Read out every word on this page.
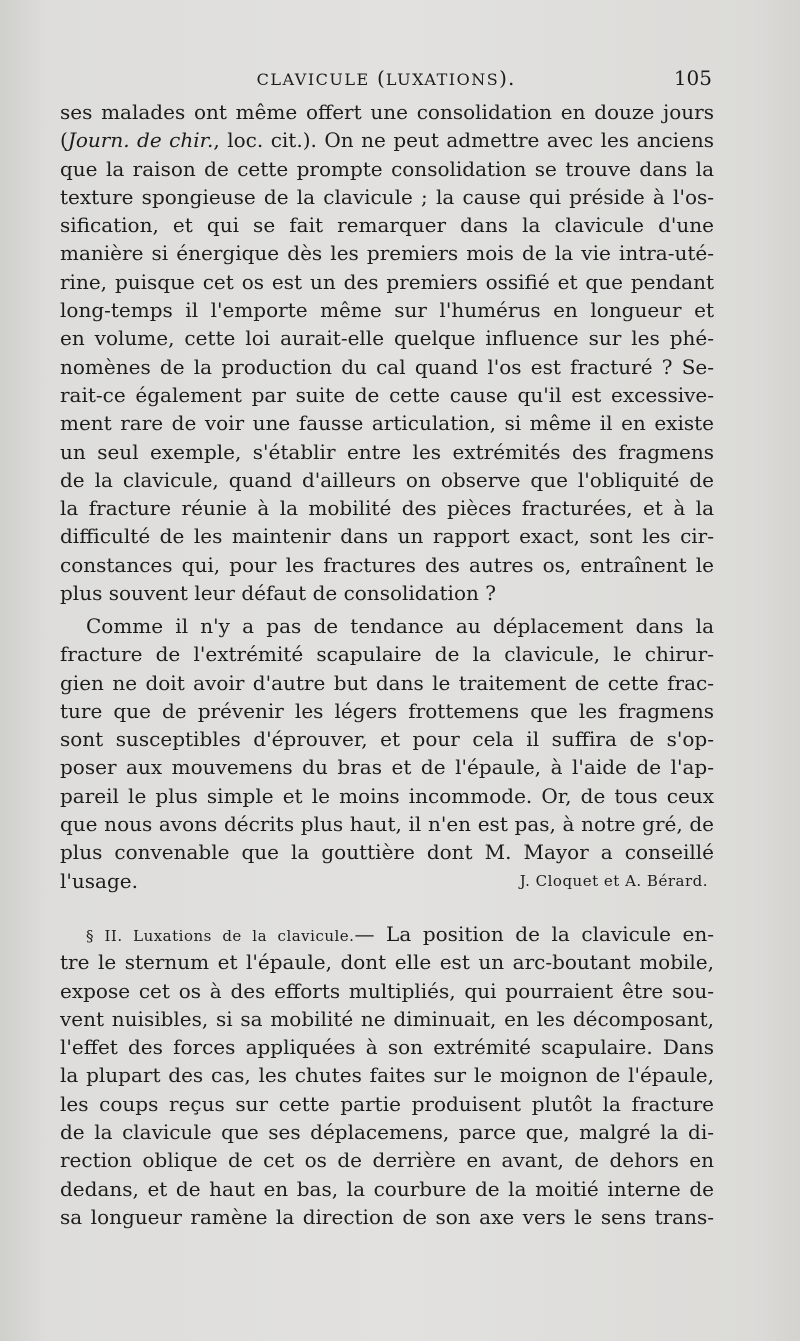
CLAVICULE (LUXATIONS).	105
ses malades ont même offert une consolidation en douze jours
(Journ. de chir., loc. cit.). On ne peut admettre avec les anciens
que la raison de cette prompte consolidation se trouve dans la
texture spongieuse de la clavicule ; la cause qui préside à l'os-
sification, et qui se fait remarquer dans la clavicule d'une
manière si énergique dès les premiers mois de la vie intra-uté-
rine, puisque cet os est un des premiers ossifié et que pendant
long-temps il l'emporte même sur l'humérus en longueur et
en volume, cette loi aurait-elle quelque influence sur les phé-
nomènes de la production du cal quand l'os est fracturé ? Se-
rait-ce également par suite de cette cause qu'il est excessive-
ment rare de voir une fausse articulation, si même il en existe
un seul exemple, s'établir entre les extrémités des fragmens
de la clavicule, quand d'ailleurs on observe que l'obliquité de
la fracture réunie à la mobilité des pièces fracturées, et à la
difficulté de les maintenir dans un rapport exact, sont les cir-
constances qui, pour les fractures des autres os, entraînent le
plus souvent leur défaut de consolidation ?
Comme il n'y a pas de tendance au déplacement dans la
fracture de l'extrémité scapulaire de la clavicule, le chirur-
gien ne doit avoir d'autre but dans le traitement de cette frac-
ture que de prévenir les légers frottemens que les fragmens
sont susceptibles d'éprouver, et pour cela il suffira de s'op-
poser aux mouvemens du bras et de l'épaule, à l'aide de l'ap-
pareil le plus simple et le moins incommode. Or, de tous ceux
que nous avons décrits plus haut, il n'en est pas, à notre gré, de
plus convenable que la gouttière dont M. Mayor a conseillé
l'usage.	J. Cloquet et A. Bérard.
§ II. Luxations de la clavicule.— La position de la clavicule en-
tre le sternum et l'épaule, dont elle est un arc-boutant mobile,
expose cet os à des efforts multipliés, qui pourraient être sou-
vent nuisibles, si sa mobilité ne diminuait, en les décomposant,
l'effet des forces appliquées à son extrémité scapulaire. Dans
la plupart des cas, les chutes faites sur le moignon de l'épaule,
les coups reçus sur cette partie produisent plutôt la fracture
de la clavicule que ses déplacemens, parce que, malgré la di-
rection oblique de cet os de derrière en avant, de dehors en
dedans, et de haut en bas, la courbure de la moitié interne de
sa longueur ramène la direction de son axe vers le sens trans-
